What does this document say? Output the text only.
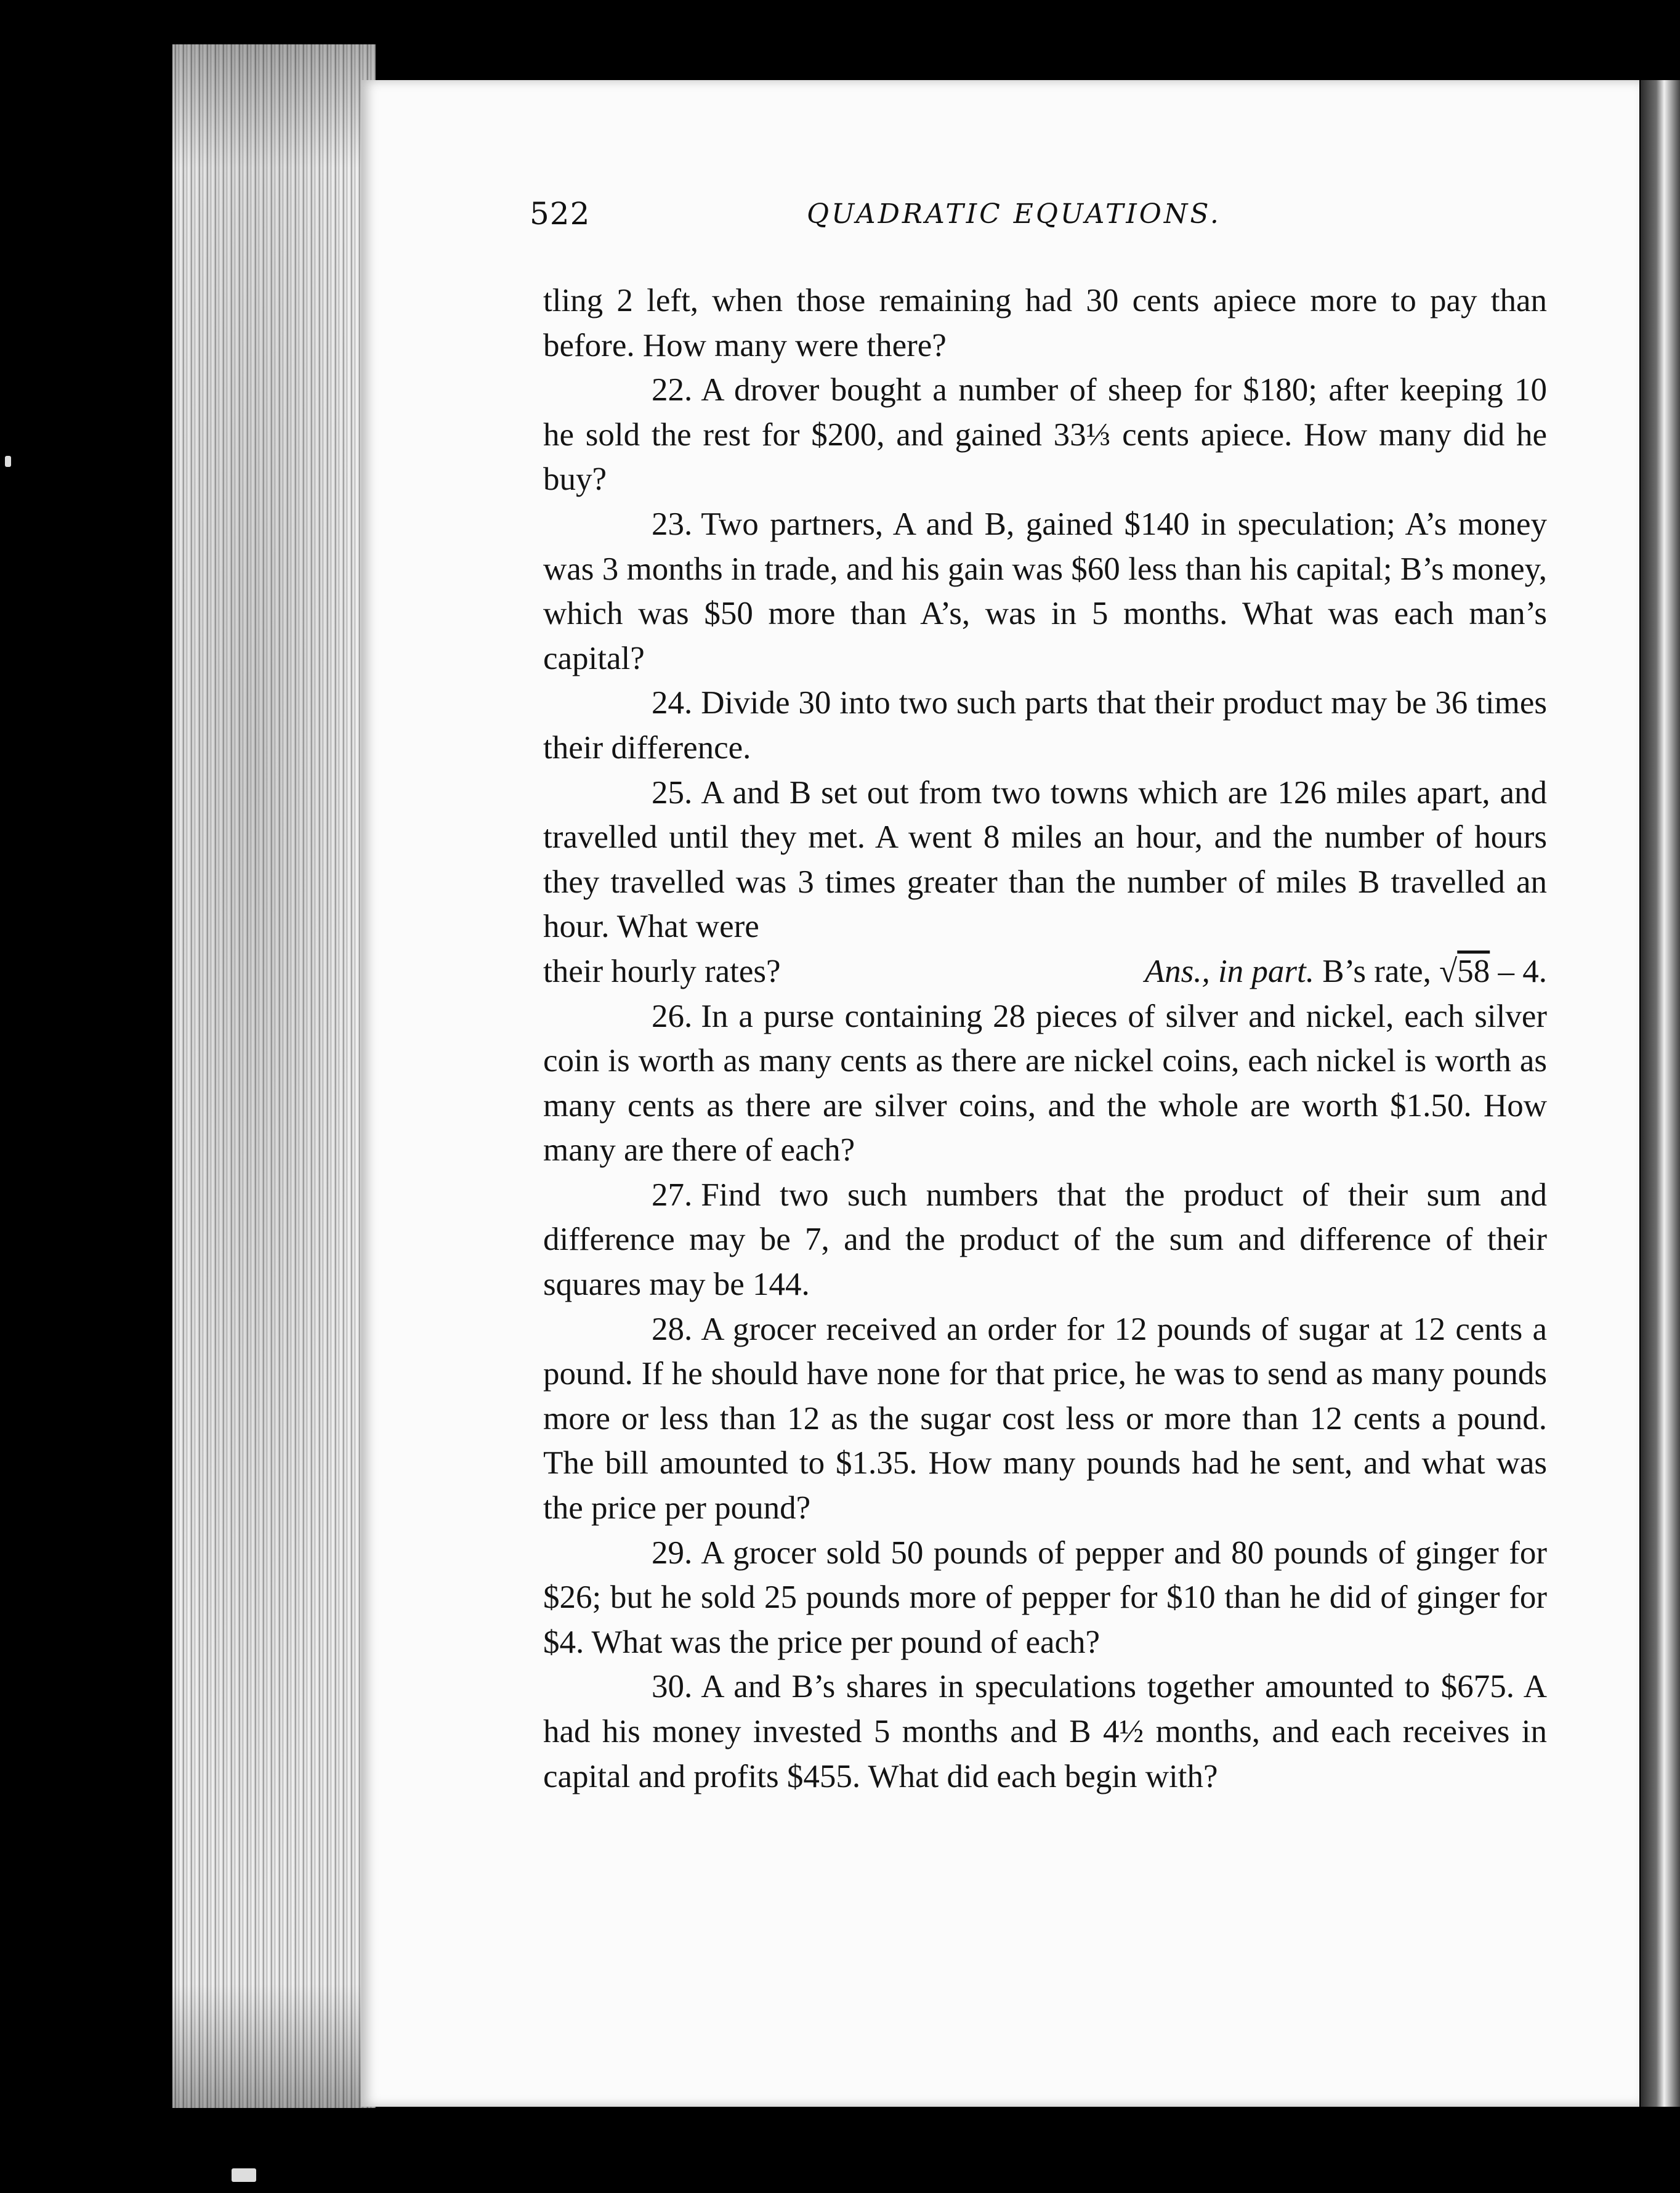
522	QUADRATIC EQUATIONS.

tling 2 left, when those remaining had 30 cents apiece more to pay than before. How many were there?

22. A drover bought a number of sheep for $180; after keeping 10 he sold the rest for $200, and gained 33⅓ cents apiece. How many did he buy?

23. Two partners, A and B, gained $140 in speculation; A’s money was 3 months in trade, and his gain was $60 less than his capital; B’s money, which was $50 more than A’s, was in 5 months. What was each man’s capital?

24. Divide 30 into two such parts that their product may be 36 times their difference.

25. A and B set out from two towns which are 126 miles apart, and travelled until they met. A went 8 miles an hour, and the number of hours they travelled was 3 times greater than the number of miles B travelled an hour. What were

their hourly rates?	Ans., in part. B’s rate, √58 – 4.

26. In a purse containing 28 pieces of silver and nickel, each silver coin is worth as many cents as there are nickel coins, each nickel is worth as many cents as there are silver coins, and the whole are worth $1.50. How many are there of each?

27. Find two such numbers that the product of their sum and difference may be 7, and the product of the sum and difference of their squares may be 144.

28. A grocer received an order for 12 pounds of sugar at 12 cents a pound. If he should have none for that price, he was to send as many pounds more or less than 12 as the sugar cost less or more than 12 cents a pound. The bill amounted to $1.35. How many pounds had he sent, and what was the price per pound?

29. A grocer sold 50 pounds of pepper and 80 pounds of ginger for $26; but he sold 25 pounds more of pepper for $10 than he did of ginger for $4. What was the price per pound of each?

30. A and B’s shares in speculations together amounted to $675. A had his money invested 5 months and B 4½ months, and each receives in capital and profits $455. What did each begin with?
